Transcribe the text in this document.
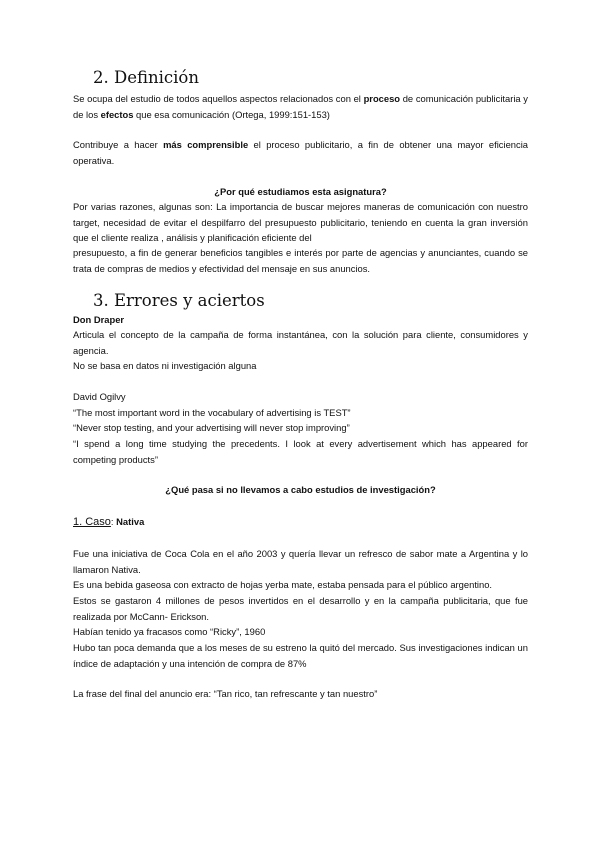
2. Definición

Se ocupa del estudio de todos aquellos aspectos relacionados con el proceso de comunicación publicitaria y de los efectos que esa comunicación (Ortega, 1999:151-153)

Contribuye a hacer más comprensible el proceso publicitario, a fin de obtener una mayor eficiencia operativa.

¿Por qué estudiamos esta asignatura?

Por varias razones, algunas son: La importancia de buscar mejores maneras de comunicación con nuestro target, necesidad de evitar el despilfarro del presupuesto publicitario, teniendo en cuenta la gran inversión que el cliente realiza , análisis y planificación eficiente del

presupuesto, a fin de generar beneficios tangibles e interés por parte de agencias y anunciantes, cuando se trata de compras de medios y efectividad del mensaje en sus anuncios.

3. Errores y aciertos

Don Draper

Articula el concepto de la campaña de forma instantánea, con la solución para cliente, consumidores y agencia.

No se basa en datos ni investigación alguna

David Ogilvy

“The most important word in the vocabulary of advertising is TEST”

“Never stop testing, and your advertising will never stop improving”

“I spend a long time studying the precedents. I look at every advertisement which has appeared for competing products”

¿Qué pasa si no llevamos a cabo estudios de investigación?

1. Caso: Nativa

Fue una iniciativa de Coca Cola en el año 2003 y quería llevar un refresco de sabor mate a Argentina y lo llamaron Nativa.

Es una bebida gaseosa con extracto de hojas yerba mate, estaba pensada para el público argentino.

Estos se gastaron 4 millones de pesos invertidos en el desarrollo y en la campaña publicitaria, que fue realizada por McCann- Erickson.

Habían tenido ya fracasos como “Ricky”, 1960

Hubo tan poca demanda que a los meses de su estreno la quitó del mercado. Sus investigaciones indican un índice de adaptación y una intención de compra de 87%

La frase del final del anuncio era: “Tan rico, tan refrescante y tan nuestro”
